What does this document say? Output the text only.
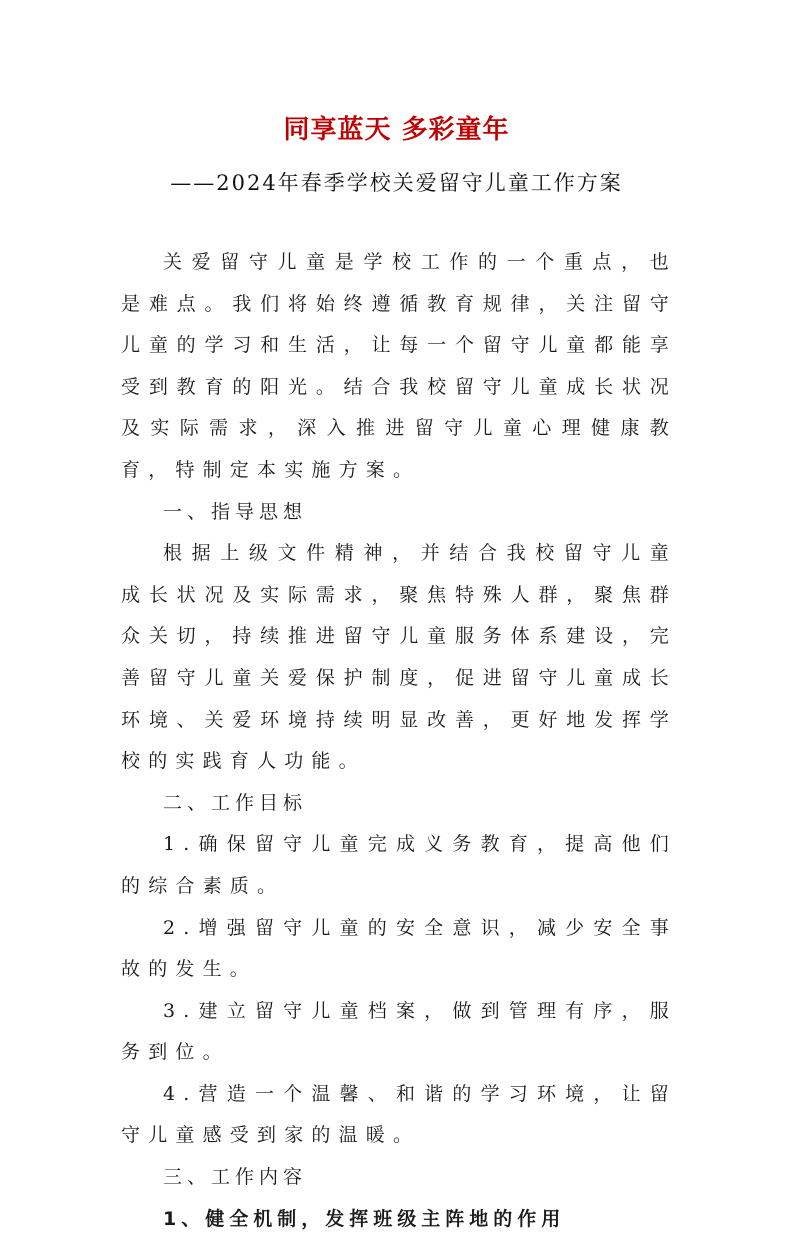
同享蓝天 多彩童年
——2024年春季学校关爱留守儿童工作方案

关爱留守儿童是学校工作的一个重点，也是难点。我们将始终遵循教育规律，关注留守儿童的学习和生活，让每一个留守儿童都能享受到教育的阳光。结合我校留守儿童成长状况及实际需求，深入推进留守儿童心理健康教育，特制定本实施方案。

一、指导思想

根据上级文件精神，并结合我校留守儿童成长状况及实际需求，聚焦特殊人群，聚焦群众关切，持续推进留守儿童服务体系建设，完善留守儿童关爱保护制度，促进留守儿童成长环境、关爱环境持续明显改善，更好地发挥学校的实践育人功能。

二、工作目标

1.确保留守儿童完成义务教育，提高他们的综合素质。

2.增强留守儿童的安全意识，减少安全事故的发生。

3.建立留守儿童档案，做到管理有序，服务到位。

4.营造一个温馨、和谐的学习环境，让留守儿童感受到家的温暖。

三、工作内容

1、健全机制，发挥班级主阵地的作用
